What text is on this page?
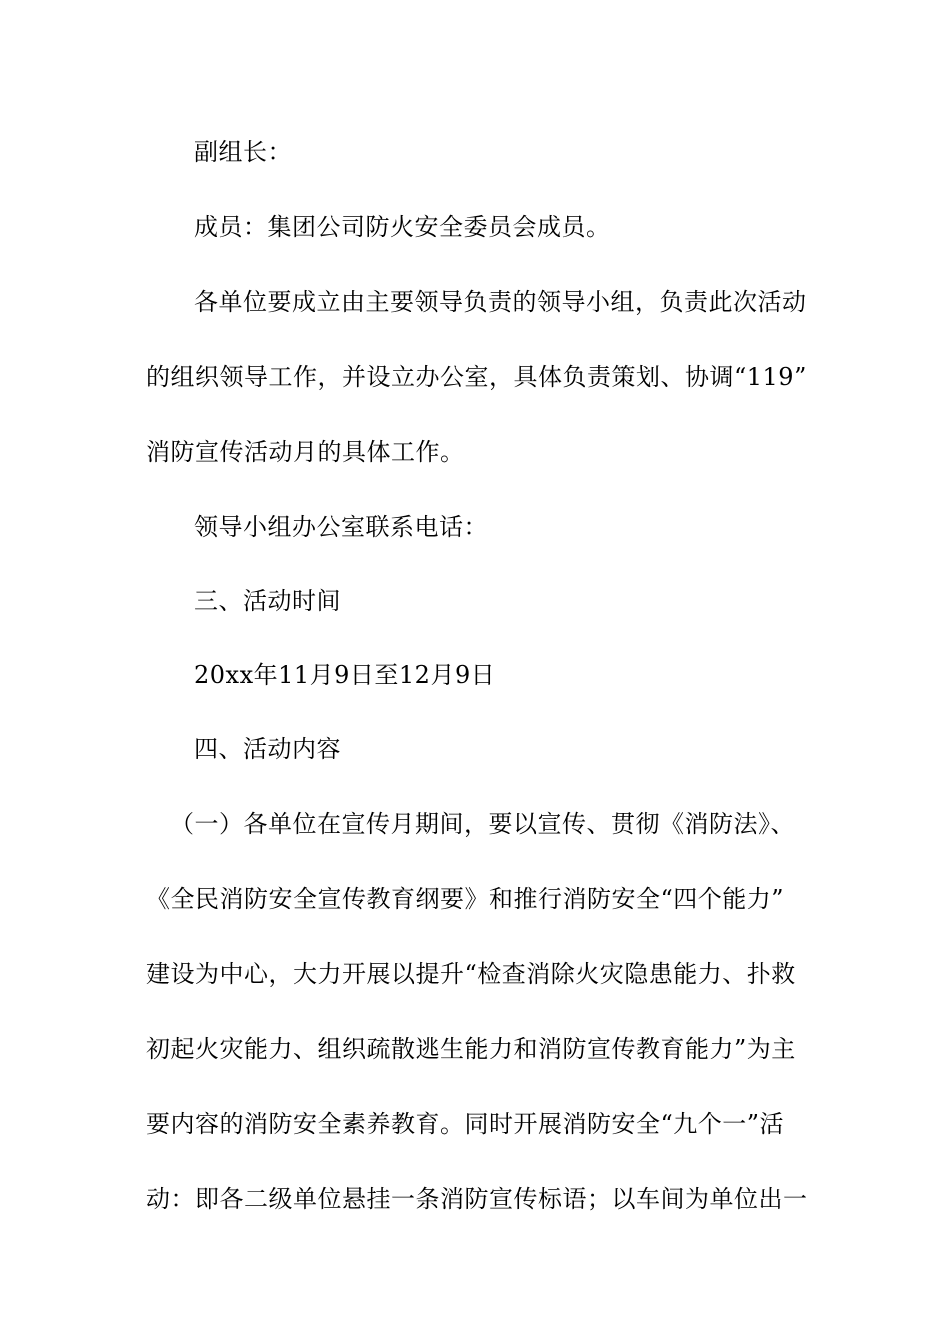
副组长：
成员：集团公司防火安全委员会成员。
各单位要成立由主要领导负责的领导小组，负责此次活动
的组织领导工作，并设立办公室，具体负责策划、协调“119”
消防宣传活动月的具体工作。
领导小组办公室联系电话：
三、活动时间
20xx年11月9日至12月9日
四、活动内容
（一）各单位在宣传月期间，要以宣传、贯彻《消防法》、
《全民消防安全宣传教育纲要》和推行消防安全“四个能力”
建设为中心，大力开展以提升“检查消除火灾隐患能力、扑救
初起火灾能力、组织疏散逃生能力和消防宣传教育能力”为主
要内容的消防安全素养教育。同时开展消防安全“九个一”活
动：即各二级单位悬挂一条消防宣传标语；以车间为单位出一
